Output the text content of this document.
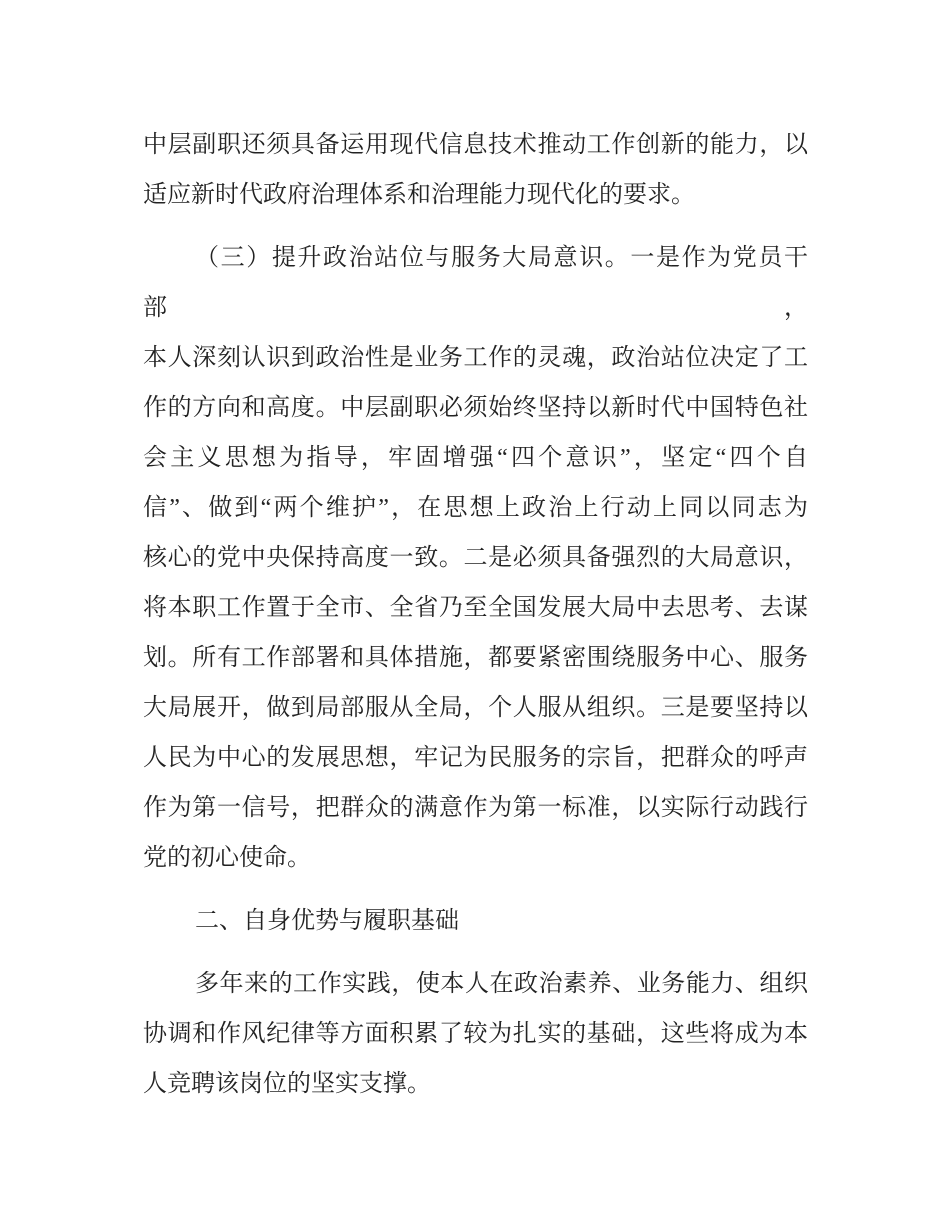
中层副职还须具备运用现代信息技术推动工作创新的能力，以
适应新时代政府治理体系和治理能力现代化的要求。
（三）提升政治站位与服务大局意识。一是作为党员干部，
本人深刻认识到政治性是业务工作的灵魂，政治站位决定了工
作的方向和高度。中层副职必须始终坚持以新时代中国特色社
会主义思想为指导，牢固增强“四个意识”，坚定“四个自
信”、做到“两个维护”，在思想上政治上行动上同以同志为
核心的党中央保持高度一致。二是必须具备强烈的大局意识，
将本职工作置于全市、全省乃至全国发展大局中去思考、去谋
划。所有工作部署和具体措施，都要紧密围绕服务中心、服务
大局展开，做到局部服从全局，个人服从组织。三是要坚持以
人民为中心的发展思想，牢记为民服务的宗旨，把群众的呼声
作为第一信号，把群众的满意作为第一标准，以实际行动践行
党的初心使命。
二、自身优势与履职基础
多年来的工作实践，使本人在政治素养、业务能力、组织
协调和作风纪律等方面积累了较为扎实的基础，这些将成为本
人竞聘该岗位的坚实支撑。
